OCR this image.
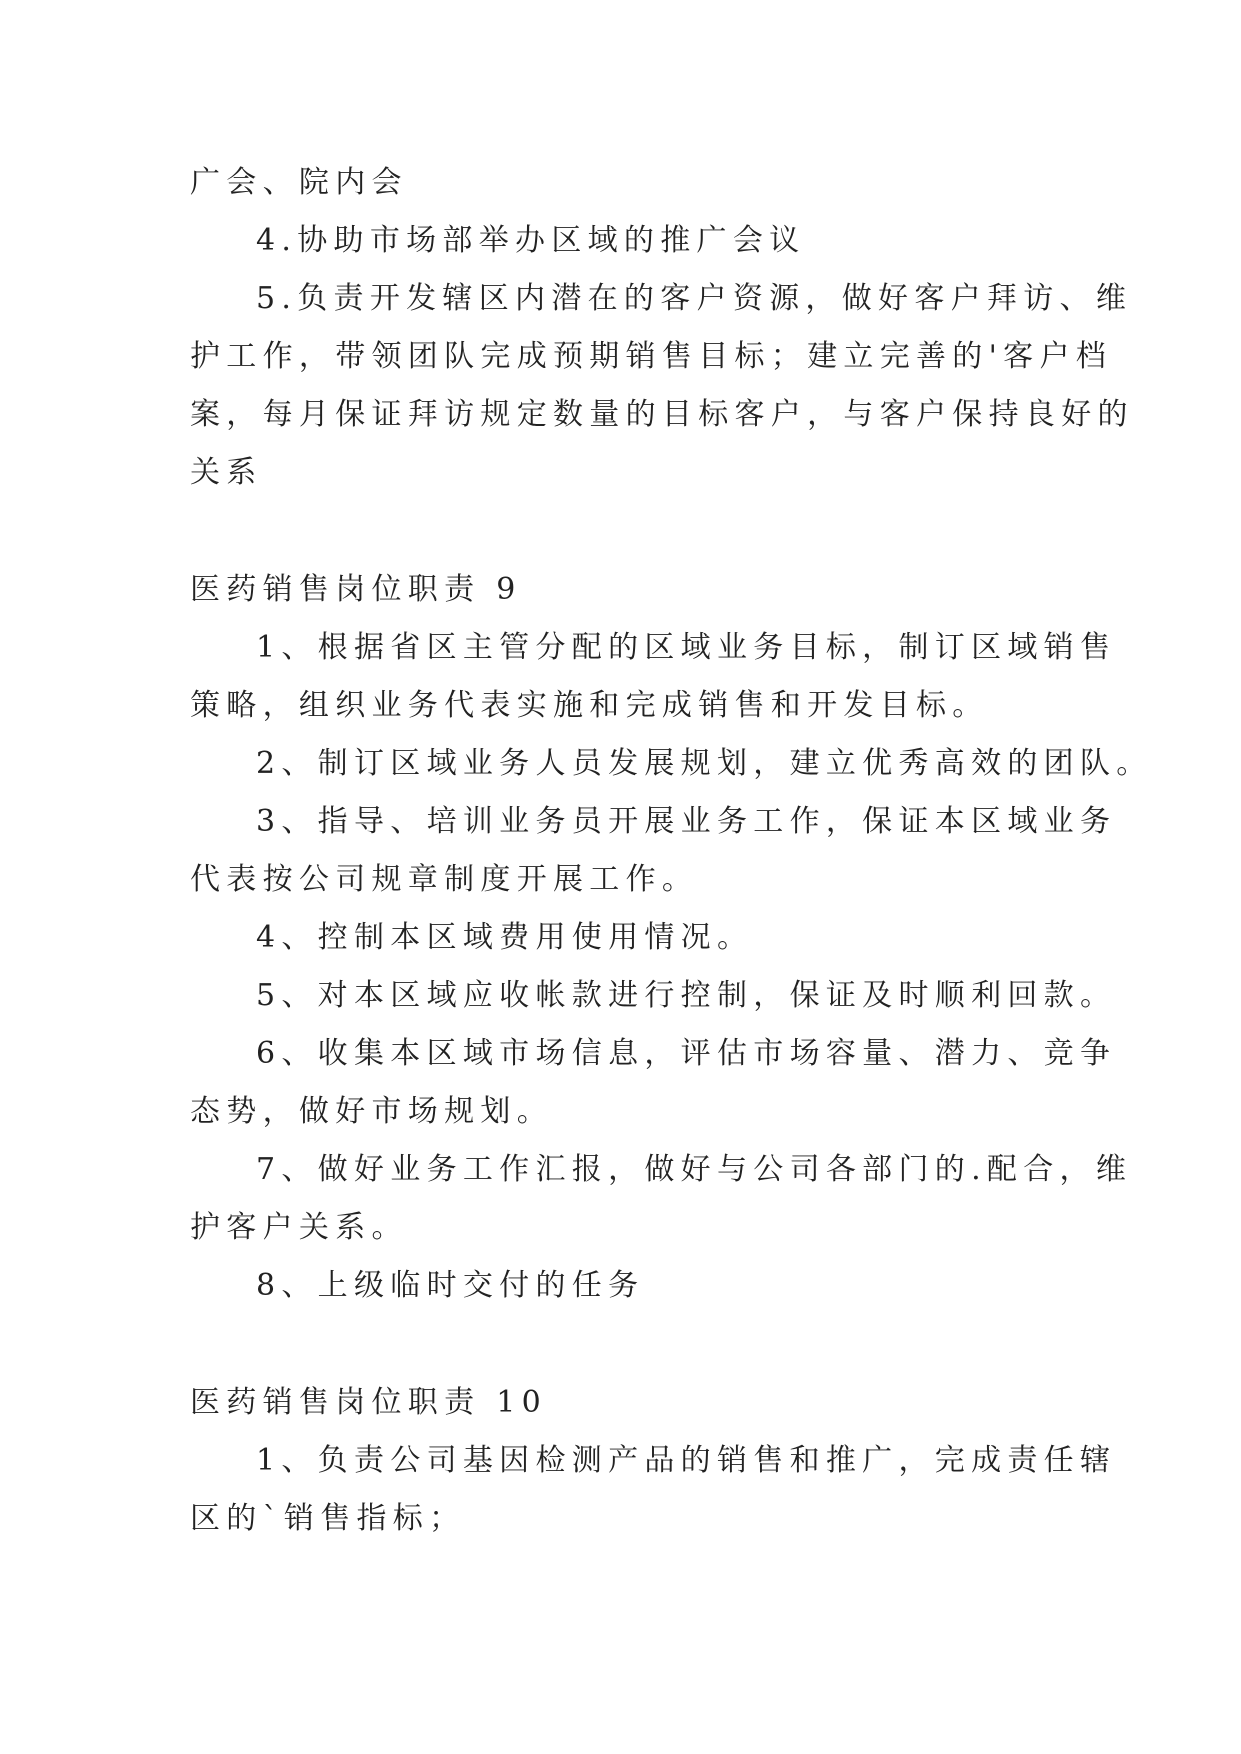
广会、院内会
4.协助市场部举办区域的推广会议
5.负责开发辖区内潜在的客户资源，做好客户拜访、维
护工作，带领团队完成预期销售目标；建立完善的'客户档
案，每月保证拜访规定数量的目标客户，与客户保持良好的
关系
医药销售岗位职责 9
1、根据省区主管分配的区域业务目标，制订区域销售
策略，组织业务代表实施和完成销售和开发目标。
2、制订区域业务人员发展规划，建立优秀高效的团队。
3、指导、培训业务员开展业务工作，保证本区域业务
代表按公司规章制度开展工作。
4、控制本区域费用使用情况。
5、对本区域应收帐款进行控制，保证及时顺利回款。
6、收集本区域市场信息，评估市场容量、潜力、竞争
态势，做好市场规划。
7、做好业务工作汇报，做好与公司各部门的.配合，维
护客户关系。
8、上级临时交付的任务
医药销售岗位职责 10
1、负责公司基因检测产品的销售和推广，完成责任辖
区的`销售指标；
